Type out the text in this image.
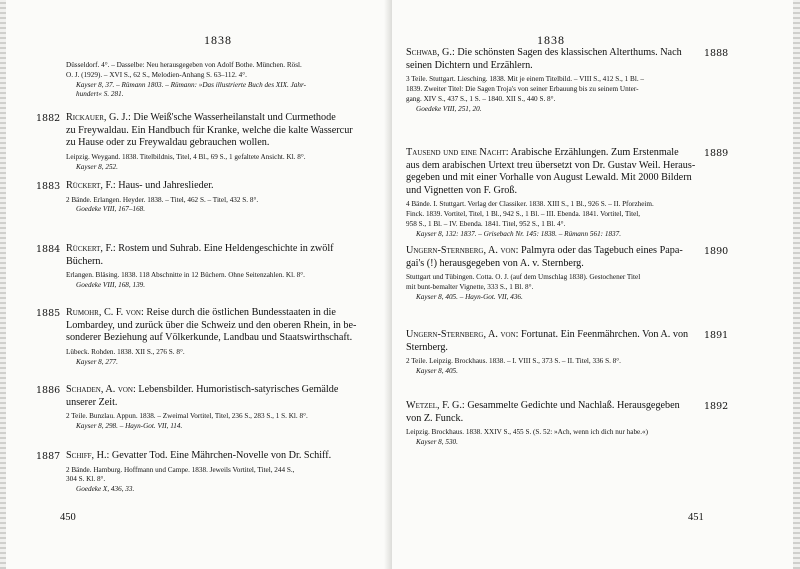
1838
Düsseldorf. 4°. – Dasselbe: Neu herausgegeben von Adolf Bothe. München. Rösl.
O. J. (1929). – XVI S., 62 S., Melodien-Anhang S. 63–112. 4°.
Kayser 8, 37. – Rümann 1803. – Rümann: »Das illustrierte Buch des XIX. Jahr-
hundert« S. 281.
1882 Rickauer, G. J.: Die Weiß'sche Wasserheilanstalt und Curmethode
zu Freywaldau. Ein Handbuch für Kranke, welche die kalte Wassercur
zu Hause oder zu Freywaldau gebrauchen wollen.
Leipzig. Weygand. 1838. Titelbildnis, Titel, 4 Bl., 69 S., 1 gefaltete Ansicht. Kl. 8°.
Kayser 8, 252.
1883 Rückert, F.: Haus- und Jahreslieder.
2 Bände. Erlangen. Heyder. 1838. – Titel, 462 S. – Titel, 432 S. 8°.
Goedeke VIII, 167–168.
1884 Rückert, F.: Rostem und Suhrab. Eine Heldengeschichte in zwölf
Büchern.
Erlangen. Bläsing. 1838. 118 Abschnitte in 12 Büchern. Ohne Seitenzahlen. Kl. 8°.
Goedeke VIII, 168, 139.
1885 Rumohr, C. F. von: Reise durch die östlichen Bundesstaaten in die
Lombardey, und zurück über die Schweiz und den oberen Rhein, in be-
sonderer Beziehung auf Völkerkunde, Landbau und Staatswirthschaft.
Lübeck. Rohden. 1838. XII S., 276 S. 8°.
Kayser 8, 277.
1886 Schaden, A. von: Lebensbilder. Humoristisch-satyrisches Gemälde
unserer Zeit.
2 Teile. Bunzlau. Appun. 1838. – Zweimal Vortitel, Titel, 236 S., 283 S., 1 S. Kl. 8°.
Kayser 8, 298. – Hayn-Got. VII, 114.
1887 Schiff, H.: Gevatter Tod. Eine Mährchen-Novelle von Dr. Schiff.
2 Bände. Hamburg. Hoffmann und Campe. 1838. Jeweils Vortitel, Titel, 244 S.,
304 S. Kl. 8°.
Goedeke X, 436, 33.
450
1838
1888
Schwab, G.: Die schönsten Sagen des klassischen Alterthums. Nach
seinen Dichtern und Erzählern.
3 Teile. Stuttgart. Liesching. 1838. Mit je einem Titelbild. – VIII S., 412 S., 1 Bl. –
1839. Zweiter Titel: Die Sagen Troja's von seiner Erbauung bis zu seinem Unter-
gang. XIV S., 437 S., 1 S. – 1840. XII S., 440 S. 8°.
Goedeke VIII, 251, 20.
1889
Tausend und eine Nacht: Arabische Erzählungen. Zum Erstenmale
aus dem arabischen Urtext treu übersetzt von Dr. Gustav Weil. Heraus-
gegeben und mit einer Vorhalle von August Lewald. Mit 2000 Bildern
und Vignetten von F. Groß.
4 Bände. I. Stuttgart. Verlag der Classiker. 1838. XIII S., 1 Bl., 926 S. – II. Pforzheim.
Finck. 1839. Vortitel, Titel, 1 Bl., 942 S., 1 Bl. – III. Ebenda. 1841. Vortitel, Titel,
958 S., 1 Bl. – IV. Ebenda. 1841. Titel, 952 S., 1 Bl. 4°.
Kayser 8, 132: 1837. – Grisebach Nr. 145: 1838. – Rümann 561: 1837.
1890
Ungern-Sternberg, A. von: Palmyra oder das Tagebuch eines Papa-
gai's (!) herausgegeben von A. v. Sternberg.
Stuttgart und Tübingen. Cotta. O. J. (auf dem Umschlag 1838). Gestochener Titel
mit bunt-bemalter Vignette, 333 S., 1 Bl. 8°.
Kayser 8, 405. – Hayn-Got. VII, 436.
1891
Ungern-Sternberg, A. von: Fortunat. Ein Feenmährchen. Von A. von
Sternberg.
2 Teile. Leipzig. Brockhaus. 1838. – I. VIII S., 373 S. – II. Titel, 336 S. 8°.
Kayser 8, 405.
1892
Wetzel, F. G.: Gesammelte Gedichte und Nachlaß. Herausgegeben
von Z. Funck.
Leipzig. Brockhaus. 1838. XXIV S., 455 S. (S. 52: »Ach, wenn ich dich nur habe.«)
Kayser 8, 530.
451
